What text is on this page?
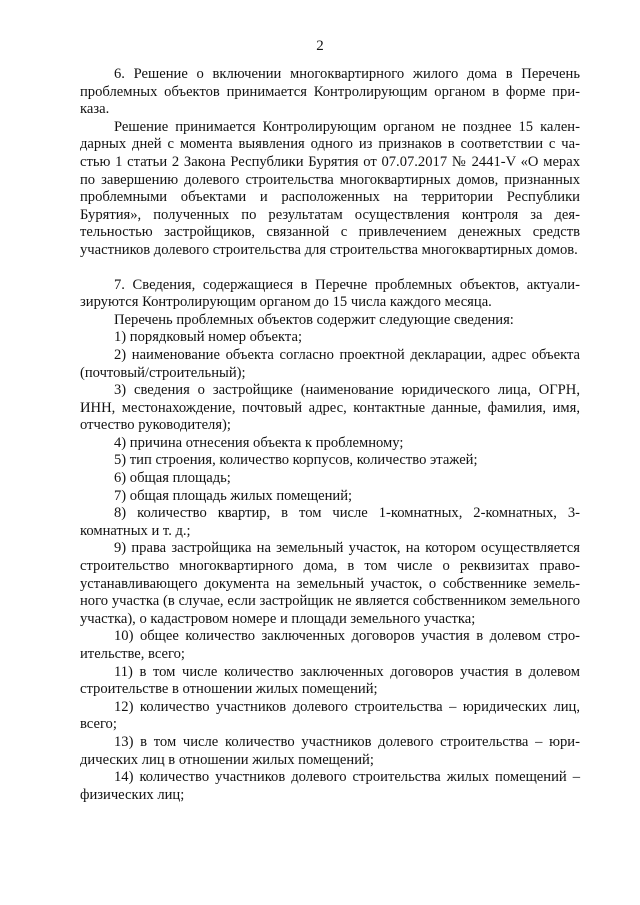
2

6. Решение о включении многоквартирного жилого дома в Перечень проблемных объектов принимается Контролирующим органом в форме приказа.

Решение принимается Контролирующим органом не позднее 15 календарных дней с момента выявления одного из признаков в соответствии с частью 1 статьи 2 Закона Республики Бурятия от 07.07.2017 № 2441-V «О мерах по завершению долевого строительства многоквартирных домов, признанных проблемными объектами и расположенных на территории Республики Бурятия», полученных по результатам осуществления контроля за деятельностью застройщиков, связанной с привлечением денежных средств участников долевого строительства для строительства многоквартирных домов.

7. Сведения, содержащиеся в Перечне проблемных объектов, актуализируются Контролирующим органом до 15 числа каждого месяца.

Перечень проблемных объектов содержит следующие сведения:

1) порядковый номер объекта;

2) наименование объекта согласно проектной декларации, адрес объекта (почтовый/строительный);

3) сведения о застройщике (наименование юридического лица, ОГРН, ИНН, местонахождение, почтовый адрес, контактные данные, фамилия, имя, отчество руководителя);

4) причина отнесения объекта к проблемному;

5) тип строения, количество корпусов, количество этажей;

6) общая площадь;

7) общая площадь жилых помещений;

8) количество квартир, в том числе 1-комнатных, 2-комнатных, 3-комнатных и т. д.;

9) права застройщика на земельный участок, на котором осуществляется строительство многоквартирного дома, в том числе о реквизитах правоустанавливающего документа на земельный участок, о собственнике земельного участка (в случае, если застройщик не является собственником земельного участка), о кадастровом номере и площади земельного участка;

10) общее количество заключенных договоров участия в долевом строительстве, всего;

11) в том числе количество заключенных договоров участия в долевом строительстве в отношении жилых помещений;

12) количество участников долевого строительства – юридических лиц, всего;

13) в том числе количество участников долевого строительства – юридических лиц в отношении жилых помещений;

14) количество участников долевого строительства жилых помещений – физических лиц;
